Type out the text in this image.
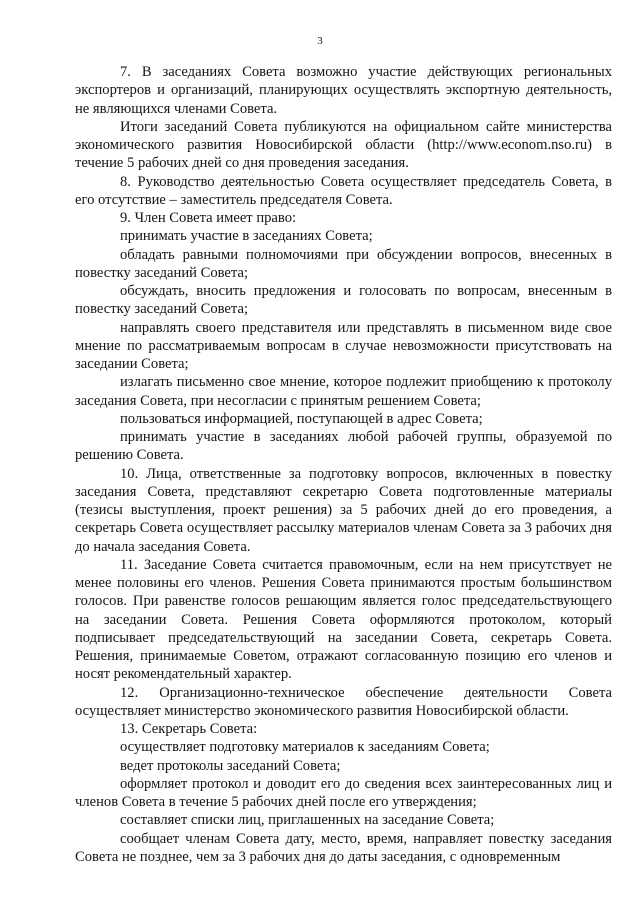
3

7. В заседаниях Совета возможно участие действующих региональных экспортеров и организаций, планирующих осуществлять экспортную деятельность, не являющихся членами Совета.

Итоги заседаний Совета публикуются на официальном сайте министерства экономического развития Новосибирской области (http://www.econom.nso.ru) в течение 5 рабочих дней со дня проведения заседания.

8. Руководство деятельностью Совета осуществляет председатель Совета, в его отсутствие – заместитель председателя Совета.

9. Член Совета имеет право:

принимать участие в заседаниях Совета;

обладать равными полномочиями при обсуждении вопросов, внесенных в повестку заседаний Совета;

обсуждать, вносить предложения и голосовать по вопросам, внесенным в повестку заседаний Совета;

направлять своего представителя или представлять в письменном виде свое мнение по рассматриваемым вопросам в случае невозможности присутствовать на заседании Совета;

излагать письменно свое мнение, которое подлежит приобщению к протоколу заседания Совета, при несогласии с принятым решением Совета;

пользоваться информацией, поступающей в адрес Совета;

принимать участие в заседаниях любой рабочей группы, образуемой по решению Совета.

10. Лица, ответственные за подготовку вопросов, включенных в повестку заседания Совета, представляют секретарю Совета подготовленные материалы (тезисы выступления, проект решения) за 5 рабочих дней до его проведения, а секретарь Совета осуществляет рассылку материалов членам Совета за 3 рабочих дня до начала заседания Совета.

11. Заседание Совета считается правомочным, если на нем присутствует не менее половины его членов. Решения Совета принимаются простым большинством голосов. При равенстве голосов решающим является голос председательствующего на заседании Совета. Решения Совета оформляются протоколом, который подписывает председательствующий на заседании Совета, секретарь Совета. Решения, принимаемые Советом, отражают согласованную позицию его членов и носят рекомендательный характер.

12. Организационно-техническое обеспечение деятельности Совета осуществляет министерство экономического развития Новосибирской области.

13. Секретарь Совета:

осуществляет подготовку материалов к заседаниям Совета;

ведет протоколы заседаний Совета;

оформляет протокол и доводит его до сведения всех заинтересованных лиц и членов Совета в течение 5 рабочих дней после его утверждения;

составляет списки лиц, приглашенных на заседание Совета;

сообщает членам Совета дату, место, время, направляет повестку заседания Совета не позднее, чем за 3 рабочих дня до даты заседания, с одновременным
